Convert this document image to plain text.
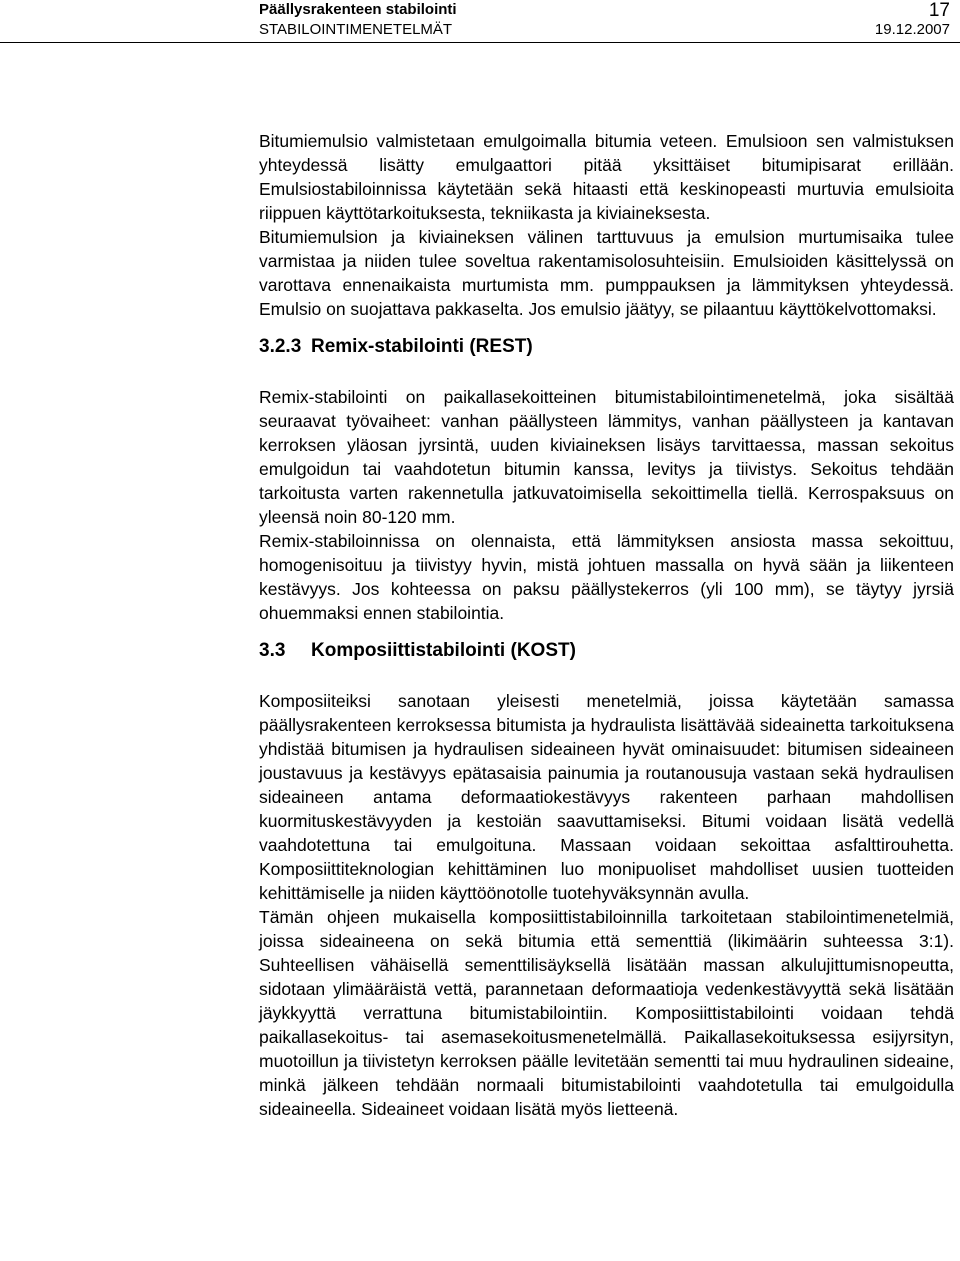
Päällysrakenteen stabilointi
STABILOINTIMENETELMÄT
17
19.12.2007

Bitumiemulsio valmistetaan emulgoimalla bitumia veteen. Emulsioon sen valmistuksen yhteydessä lisätty emulgaattori pitää yksittäiset bitumipisarat erillään. Emulsiostabiloinnissa käytetään sekä hitaasti että keskinopeasti murtuvia emulsioita riippuen käyttötarkoituksesta, tekniikasta ja kiviaineksesta.

Bitumiemulsion ja kiviaineksen välinen tarttuvuus ja emulsion murtumisaika tulee varmistaa ja niiden tulee soveltua rakentamisolosuhteisiin. Emulsioiden käsittelyssä on varottava ennenaikaista murtumista mm. pumppauksen ja lämmityksen yhteydessä. Emulsio on suojattava pakkaselta. Jos emulsio jäätyy, se pilaantuu käyttökelvottomaksi.

3.2.3 Remix-stabilointi (REST)

Remix-stabilointi on paikallasekoitteinen bitumistabilointimenetelmä, joka sisältää seuraavat työvaiheet: vanhan päällysteen lämmitys, vanhan päällysteen ja kantavan kerroksen yläosan jyrsintä, uuden kiviaineksen lisäys tarvittaessa, massan sekoitus emulgoidun tai vaahdotetun bitumin kanssa, levitys ja tiivistys. Sekoitus tehdään tarkoitusta varten rakennetulla jatkuvatoimisella sekoittimella tiellä. Kerrospaksuus on yleensä noin 80-120 mm.

Remix-stabiloinnissa on olennaista, että lämmityksen ansiosta massa sekoittuu, homogenisoituu ja tiivistyy hyvin, mistä johtuen massalla on hyvä sään ja liikenteen kestävyys. Jos kohteessa on paksu päällystekerros (yli 100 mm), se täytyy jyrsiä ohuemmaksi ennen stabilointia.

3.3 Komposiittistabilointi (KOST)

Komposiiteiksi sanotaan yleisesti menetelmiä, joissa käytetään samassa päällysrakenteen kerroksessa bitumista ja hydraulista lisättävää sideainetta tarkoituksena yhdistää bitumisen ja hydraulisen sideaineen hyvät ominaisuudet: bitumisen sideaineen joustavuus ja kestävyys epätasaisia painumia ja routanousuja vastaan sekä hydraulisen sideaineen antama deformaatiokestävyys rakenteen parhaan mahdollisen kuormituskestävyyden ja kestoiän saavuttamiseksi. Bitumi voidaan lisätä vedellä vaahdotettuna tai emulgoituna. Massaan voidaan sekoittaa asfalttirouhetta. Komposiittiteknologian kehittäminen luo monipuoliset mahdolliset uusien tuotteiden kehittämiselle ja niiden käyttöönotolle tuotehyväksynnän avulla.

Tämän ohjeen mukaisella komposiittistabiloinnilla tarkoitetaan stabilointimenetelmiä, joissa sideaineena on sekä bitumia että sementtiä (likimäärin suhteessa 3:1). Suhteellisen vähäisellä sementtilisäyksellä lisätään massan alkulujittumisnopeutta, sidotaan ylimääräistä vettä, parannetaan deformaatioja vedenkestävyyttä sekä lisätään jäykkyyttä verrattuna bitumistabilointiin. Komposiittistabilointi voidaan tehdä paikallasekoitus- tai asemasekoitusmenetelmällä. Paikallasekoituksessa esijyrsityn, muotoillun ja tiivistetyn kerroksen päälle levitetään sementti tai muu hydraulinen sideaine, minkä jälkeen tehdään normaali bitumistabilointi vaahdotetulla tai emulgoidulla sideaineella. Sideaineet voidaan lisätä myös lietteenä.
